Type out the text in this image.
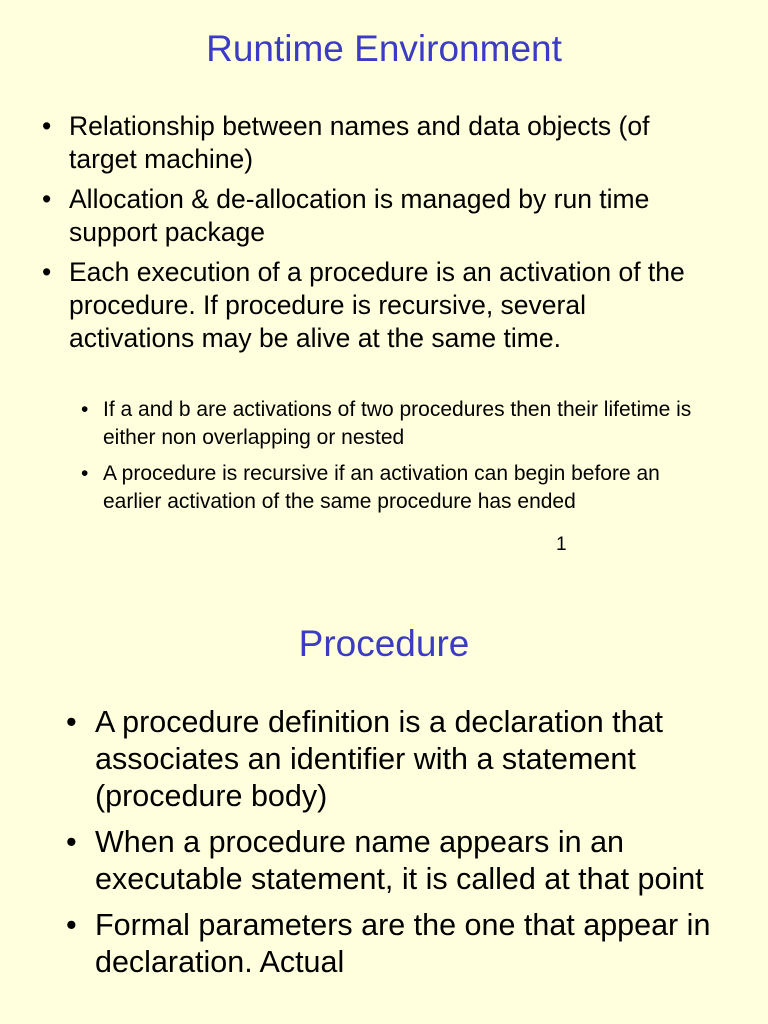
Runtime Environment
• Relationship between names and data objects (of target machine)
• Allocation & de-allocation is managed by run time support package
• Each execution of a procedure is an activation of the procedure. If procedure is recursive, several activations may be alive at the same time.
• If a and b are activations of two procedures then their lifetime is either non overlapping or nested
• A procedure is recursive if an activation can begin before an earlier activation of the same procedure has ended
1
Procedure
• A procedure definition is a declaration that associates an identifier with a statement (procedure body)
• When a procedure name appears in an executable statement, it is called at that point
• Formal parameters are the one that appear in declaration. Actual
